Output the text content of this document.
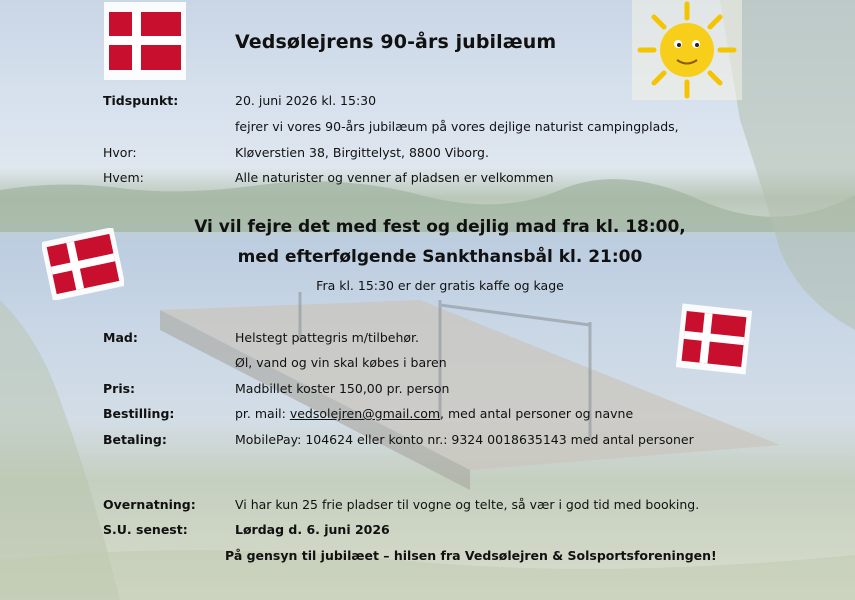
Vedsølejrens 90-års jubilæum
Tidspunkt:	20. juni 2026 kl. 15:30
fejrer vi vores 90-års jubilæum på vores dejlige naturist campingplads,
Hvor:	Kløverstien 38, Birgittelyst, 8800 Viborg.
Hvem:	Alle naturister og venner af pladsen er velkommen
Vi vil fejre det med fest og dejlig mad fra kl. 18:00,
med efterfølgende Sankthansbål kl. 21:00
Fra kl. 15:30 er der gratis kaffe og kage
Mad:	Helstegt pattegris m/tilbehør.
Øl, vand og vin skal købes i baren
Pris:	Madbillet koster 150,00 pr. person
Bestilling:	pr. mail: vedsolejren@gmail.com, med antal personer og navne
Betaling:	MobilePay: 104624 eller konto nr.: 9324 0018635143 med antal personer
Overnatning:	Vi har kun 25 frie pladser til vogne og telte, så vær i god tid med booking.
S.U. senest:	Lørdag d. 6. juni 2026
På gensyn til jubilæet – hilsen fra Vedsølejren & Solsportsforeningen!
